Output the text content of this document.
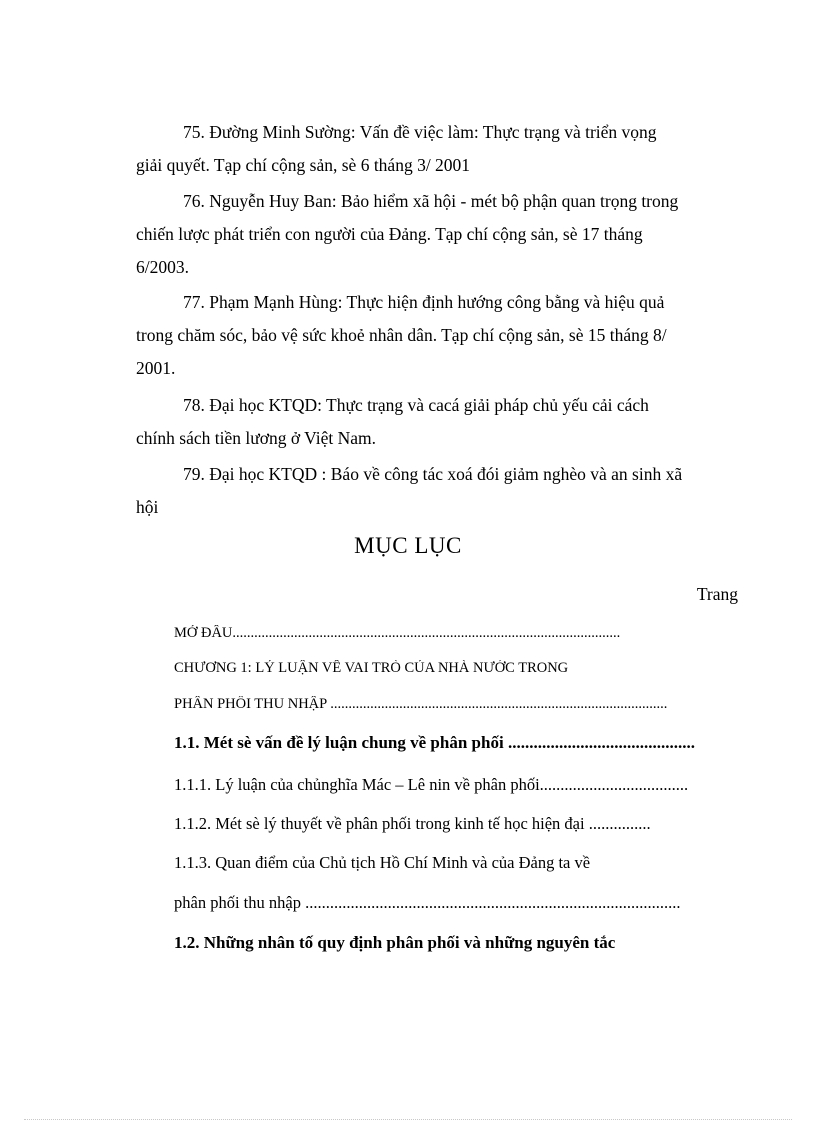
75. Đường Minh Sường: Vấn đề việc làm: Thực trạng và triển vọng
giải quyết. Tạp chí cộng sản, sè 6 tháng 3/ 2001
76. Nguyễn Huy Ban: Bảo hiểm xã hội - mét bộ phận quan trọng trong
chiến lược phát triển con người của Đảng. Tạp chí cộng sản, sè 17 tháng
6/2003.
77. Phạm Mạnh Hùng: Thực hiện định hướng công bằng và hiệu quả
trong chăm sóc, bảo vệ sức khoẻ nhân dân. Tạp chí cộng sản, sè 15 tháng 8/
2001.
78. Đại học KTQD: Thực trạng và cacá giải pháp chủ yếu cải cách
chính sách tiền lương ở Việt Nam.
79. Đại học KTQD : Báo về công tác xoá đói giảm nghèo và an sinh xã
hội
MỤC LỤC
Trang
MỞ ĐẦU...........................................................................................................
CHƯƠNG 1: LÝ LUẬN VỀ VAI TRÒ CỦA NHÀ NƯỚC TRONG
PHÂN PHỐI THU NHẬP .............................................................................................
1.1. Mét sè vấn đề lý luận chung về phân phối ............................................
1.1.1. Lý luận của chủnghĩa Mác – Lê nin về phân phối....................................
1.1.2. Mét sè lý thuyết về phân phối trong kinh tế học hiện đại ...............
1.1.3. Quan điểm của Chủ tịch Hồ Chí Minh và của Đảng ta về
phân phối thu nhập ...........................................................................................
1.2. Những nhân tố quy định phân phối và những nguyên tắc
